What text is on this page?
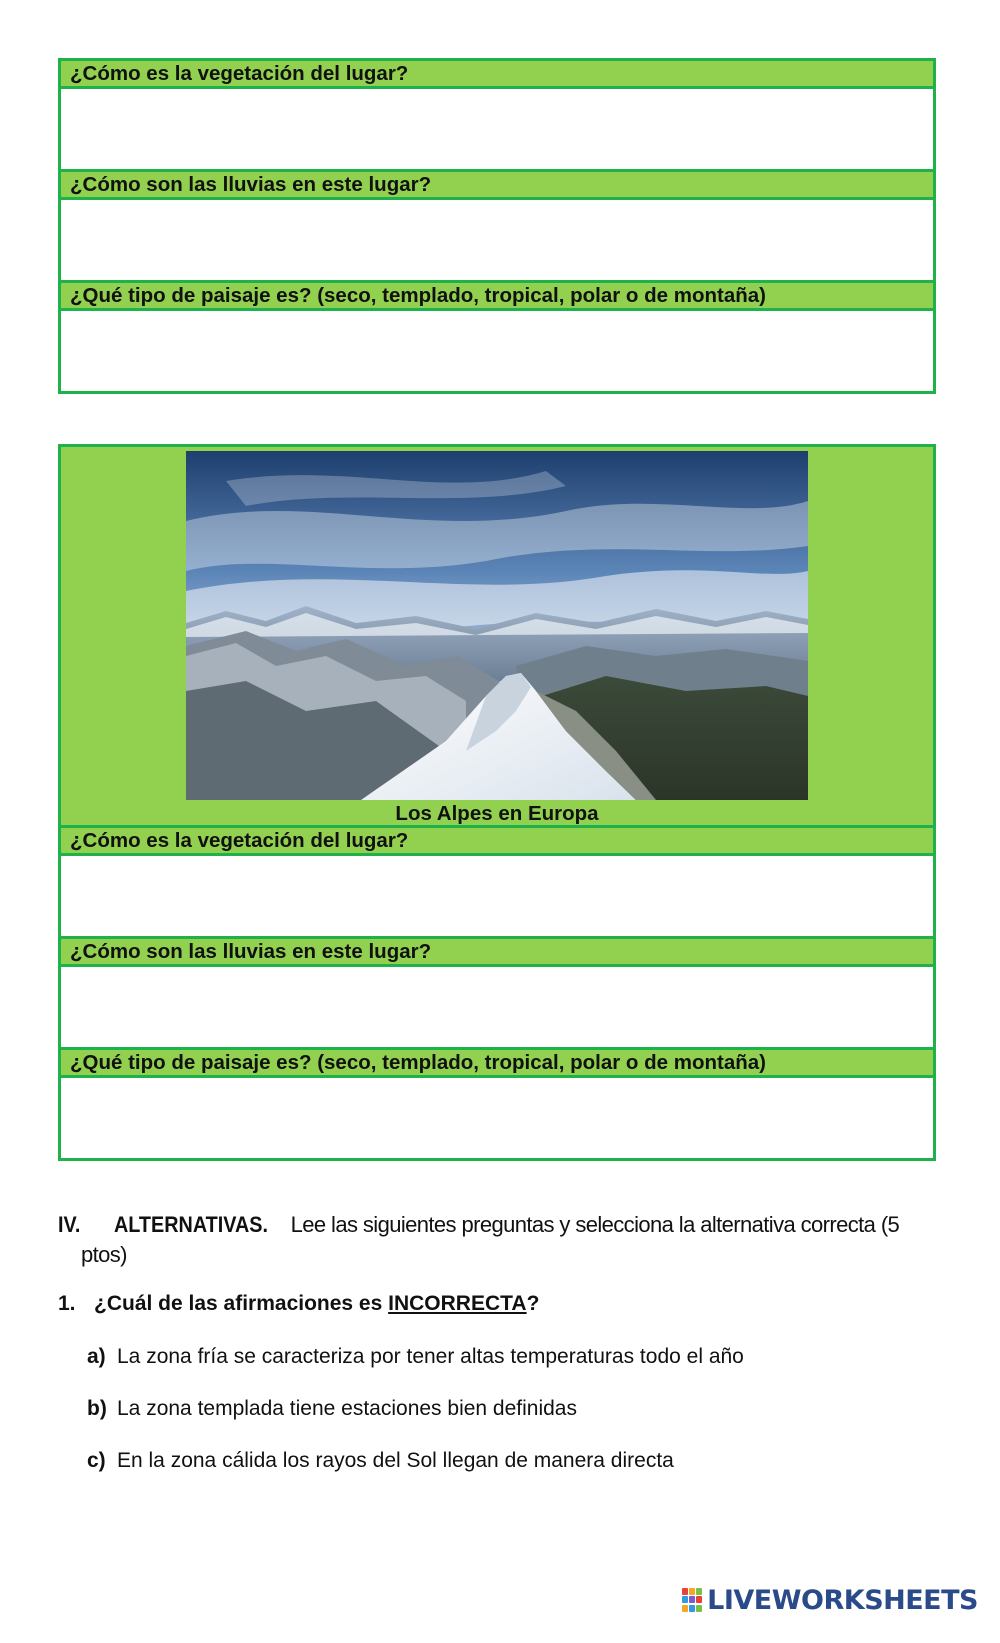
¿Cómo es la vegetación del lugar?
¿Cómo son las lluvias en este lugar?
¿Qué tipo de paisaje es? (seco, templado, tropical, polar o de montaña)
Los Alpes en Europa
¿Cómo es la vegetación del lugar?
¿Cómo son las lluvias en este lugar?
¿Qué tipo de paisaje es? (seco, templado, tropical, polar o de montaña)
IV. ALTERNATIVAS. Lee las siguientes preguntas y selecciona la alternativa correcta (5
ptos)
1. ¿Cuál de las afirmaciones es INCORRECTA?
a) La zona fría se caracteriza por tener altas temperaturas todo el año
b) La zona templada tiene estaciones bien definidas
c) En la zona cálida los rayos del Sol llegan de manera directa
LIVEWORKSHEETS
